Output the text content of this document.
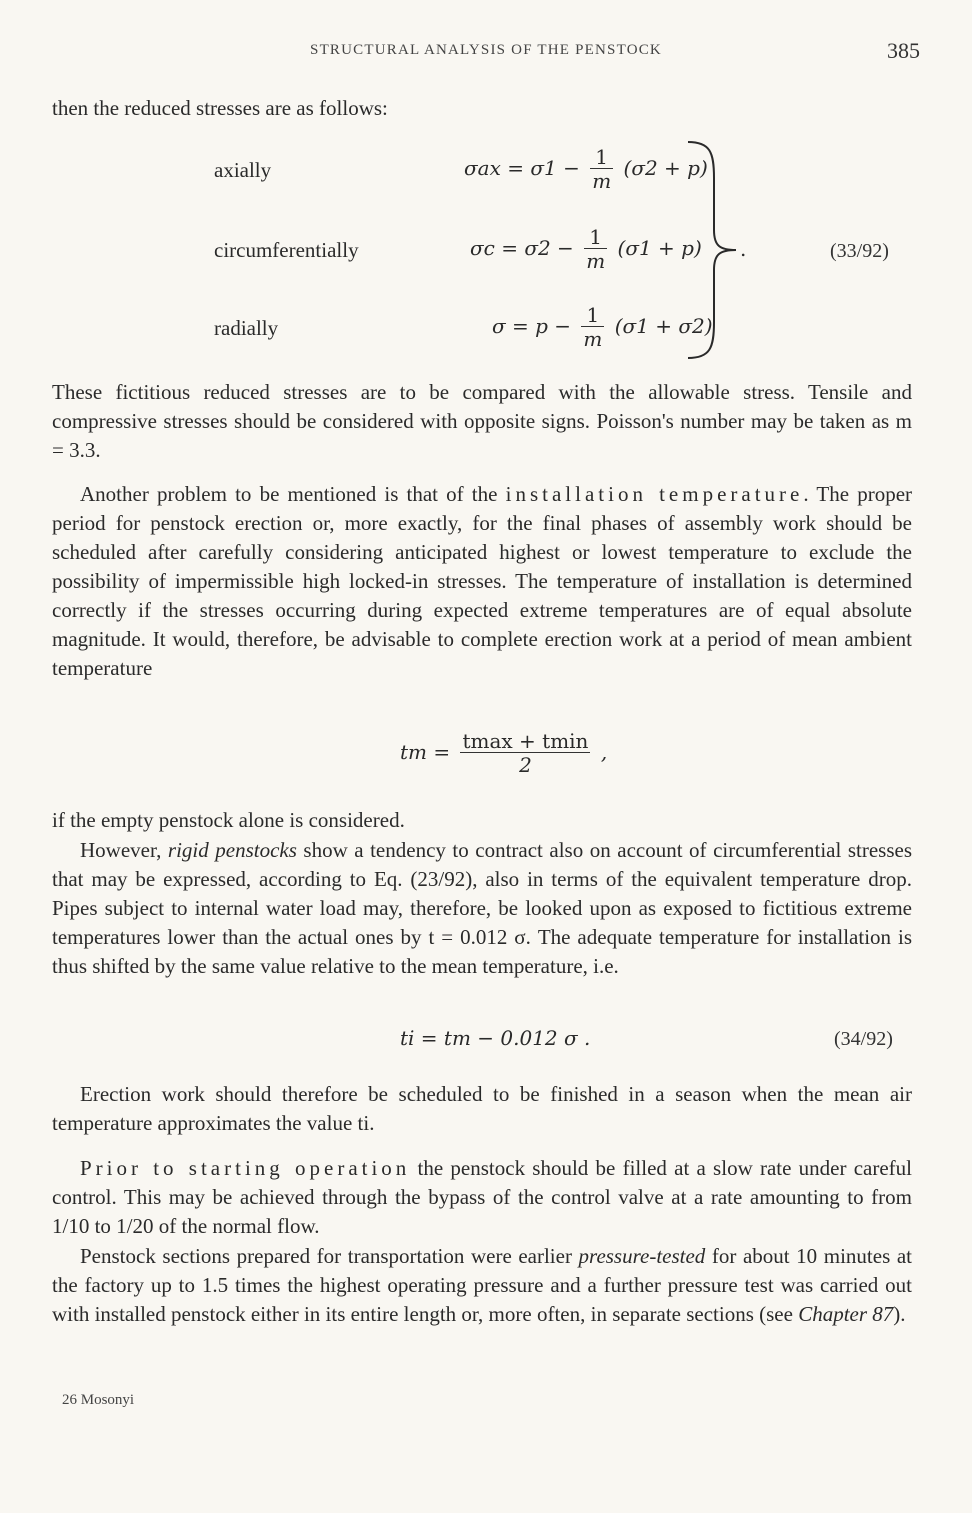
STRUCTURAL ANALYSIS OF THE PENSTOCK	385

then the reduced stresses are as follows:

axially	$\sigma ax = \sigma 1 - \frac{1}{m} (\sigma 2 + p)$
circumferentially	$\sigma c = \sigma 2 - \frac{1}{m} (\sigma 1 + p)$
radially	$\sigma = p - \frac{1}{m} (\sigma 1 + \sigma 2)$
.	(33/92)

These fictitious reduced stresses are to be compared with the allowable stress. Tensile and compressive stresses should be considered with opposite signs. Poisson's number may be taken as m = 3.3.

Another problem to be mentioned is that of the installation temperature. The proper period for penstock erection or, more exactly, for the final phases of assembly work should be scheduled after carefully considering anticipated highest or lowest temperature to exclude the possibility of impermissible high locked-in stresses. The temperature of installation is determined correctly if the stresses occurring during expected extreme temperatures are of equal absolute magnitude. It would, therefore, be advisable to complete erection work at a period of mean ambient temperature

tm = $\frac{tmax + tmin}{2}$ ,

if the empty penstock alone is considered.

However, rigid penstocks show a tendency to contract also on account of circumferential stresses that may be expressed, according to Eq. (23/92), also in terms of the equivalent temperature drop. Pipes subject to internal water load may, therefore, be looked upon as exposed to fictitious extreme temperatures lower than the actual ones by t = 0.012 σ. The adequate temperature for installation is thus shifted by the same value relative to the mean temperature, i.e.

ti = tm − 0.012 σ .	(34/92)

Erection work should therefore be scheduled to be finished in a season when the mean air temperature approximates the value ti.

Prior to starting operation the penstock should be filled at a slow rate under careful control. This may be achieved through the bypass of the control valve at a rate amounting to from 1/10 to 1/20 of the normal flow.

Penstock sections prepared for transportation were earlier pressure-tested for about 10 minutes at the factory up to 1.5 times the highest operating pressure and a further pressure test was carried out with installed penstock either in its entire length or, more often, in separate sections (see Chapter 87).

26 Mosonyi
